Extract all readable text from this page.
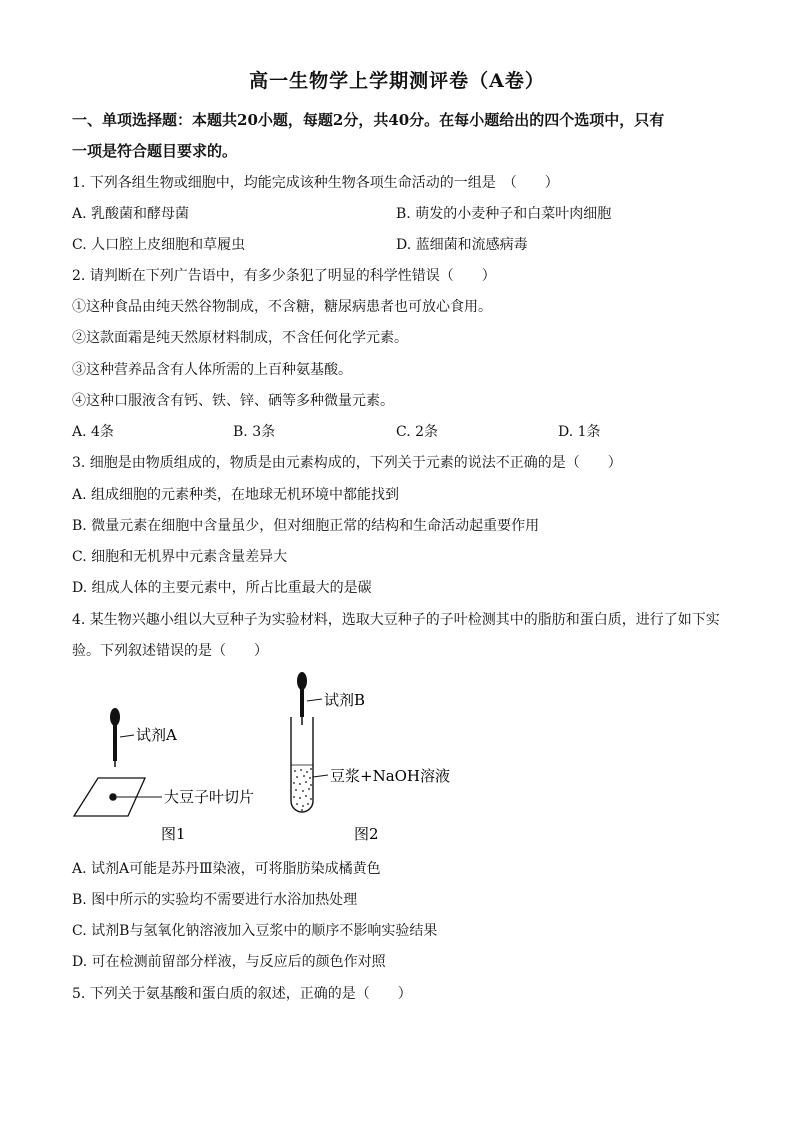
高一生物学上学期测评卷（A卷）
一、单项选择题：本题共20小题，每题2分，共40分。在每小题给出的四个选项中，只有
一项是符合题目要求的。
1. 下列各组生物或细胞中，均能完成该种生物各项生命活动的一组是　（　　）
A. 乳酸菌和酵母菌	B. 萌发的小麦种子和白菜叶肉细胞
C. 人口腔上皮细胞和草履虫	D. 蓝细菌和流感病毒
2. 请判断在下列广告语中，有多少条犯了明显的科学性错误（　　）
①这种食品由纯天然谷物制成，不含糖，糖尿病患者也可放心食用。
②这款面霜是纯天然原材料制成，不含任何化学元素。
③这种营养品含有人体所需的上百种氨基酸。
④这种口服液含有钙、铁、锌、硒等多种微量元素。
A. 4条	B. 3条	C. 2条	D. 1条
3. 细胞是由物质组成的，物质是由元素构成的，下列关于元素的说法不正确的是（　　）
A. 组成细胞的元素种类，在地球无机环境中都能找到
B. 微量元素在细胞中含量虽少，但对细胞正常的结构和生命活动起重要作用
C. 细胞和无机界中元素含量差异大
D. 组成人体的主要元素中，所占比重最大的是碳
4. 某生物兴趣小组以大豆种子为实验材料，选取大豆种子的子叶检测其中的脂肪和蛋白质，进行了如下实
验。下列叙述错误的是（　　）
试剂A
大豆子叶切片
图1
试剂B
豆浆+NaOH溶液
图2
A. 试剂A可能是苏丹Ⅲ染液，可将脂肪染成橘黄色
B. 图中所示的实验均不需要进行水浴加热处理
C. 试剂B与氢氧化钠溶液加入豆浆中的顺序不影响实验结果
D. 可在检测前留部分样液，与反应后的颜色作对照
5. 下列关于氨基酸和蛋白质的叙述，正确的是（　　）
